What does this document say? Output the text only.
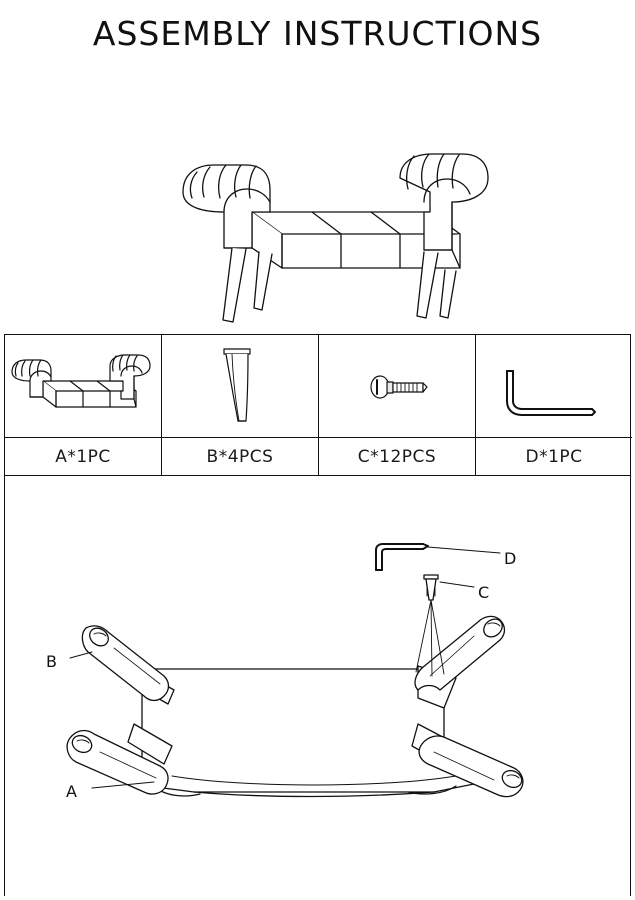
ASSEMBLY INSTRUCTIONS
A*1PC	B*4PCS	C*12PCS	D*1PC
B
A
C
D
